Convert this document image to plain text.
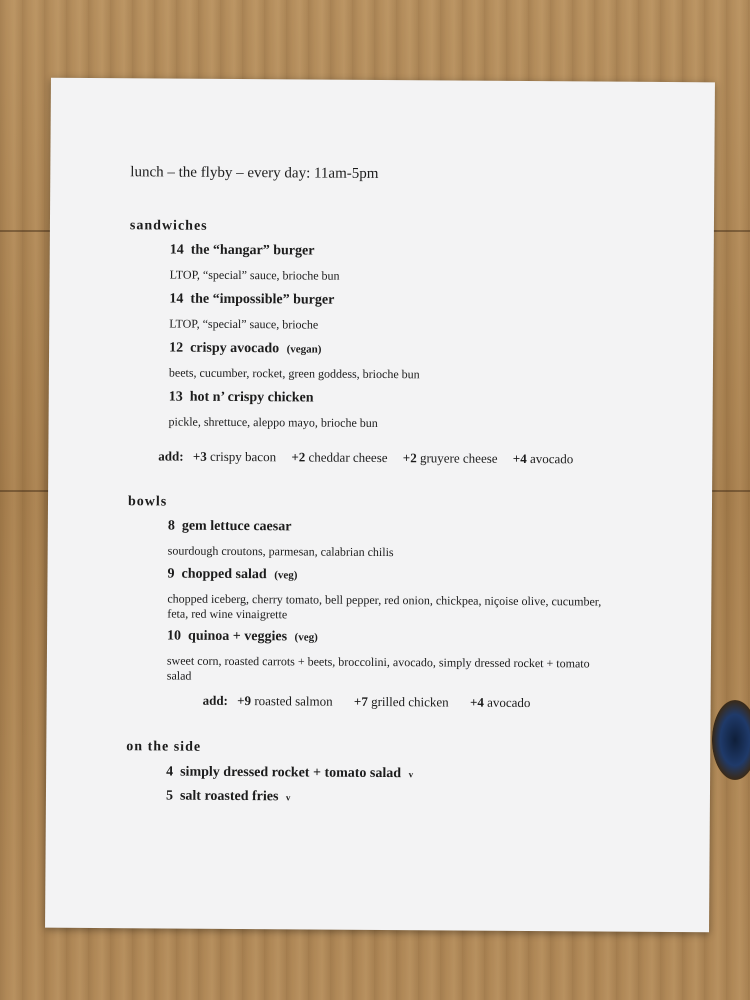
lunch – the flyby – every day: 11am-5pm
sandwiches
14 the “hangar” burger
LTOP, “special” sauce, brioche bun
14 the “impossible” burger
LTOP, “special” sauce, brioche
12 crispy avocado (vegan)
beets, cucumber, rocket, green goddess, brioche bun
13 hot n’ crispy chicken
pickle, shrettuce, aleppo mayo, brioche bun
add: +3 crispy bacon +2 cheddar cheese +2 gruyere cheese +4 avocado
bowls
8 gem lettuce caesar
sourdough croutons, parmesan, calabrian chilis
9 chopped salad (veg)
chopped iceberg, cherry tomato, bell pepper, red onion, chickpea, niçoise olive, cucumber, feta, red wine vinaigrette
10 quinoa + veggies (veg)
sweet corn, roasted carrots + beets, broccolini, avocado, simply dressed rocket + tomato salad
add: +9 roasted salmon +7 grilled chicken +4 avocado
on the side
4 simply dressed rocket + tomato salad v
5 salt roasted fries v
